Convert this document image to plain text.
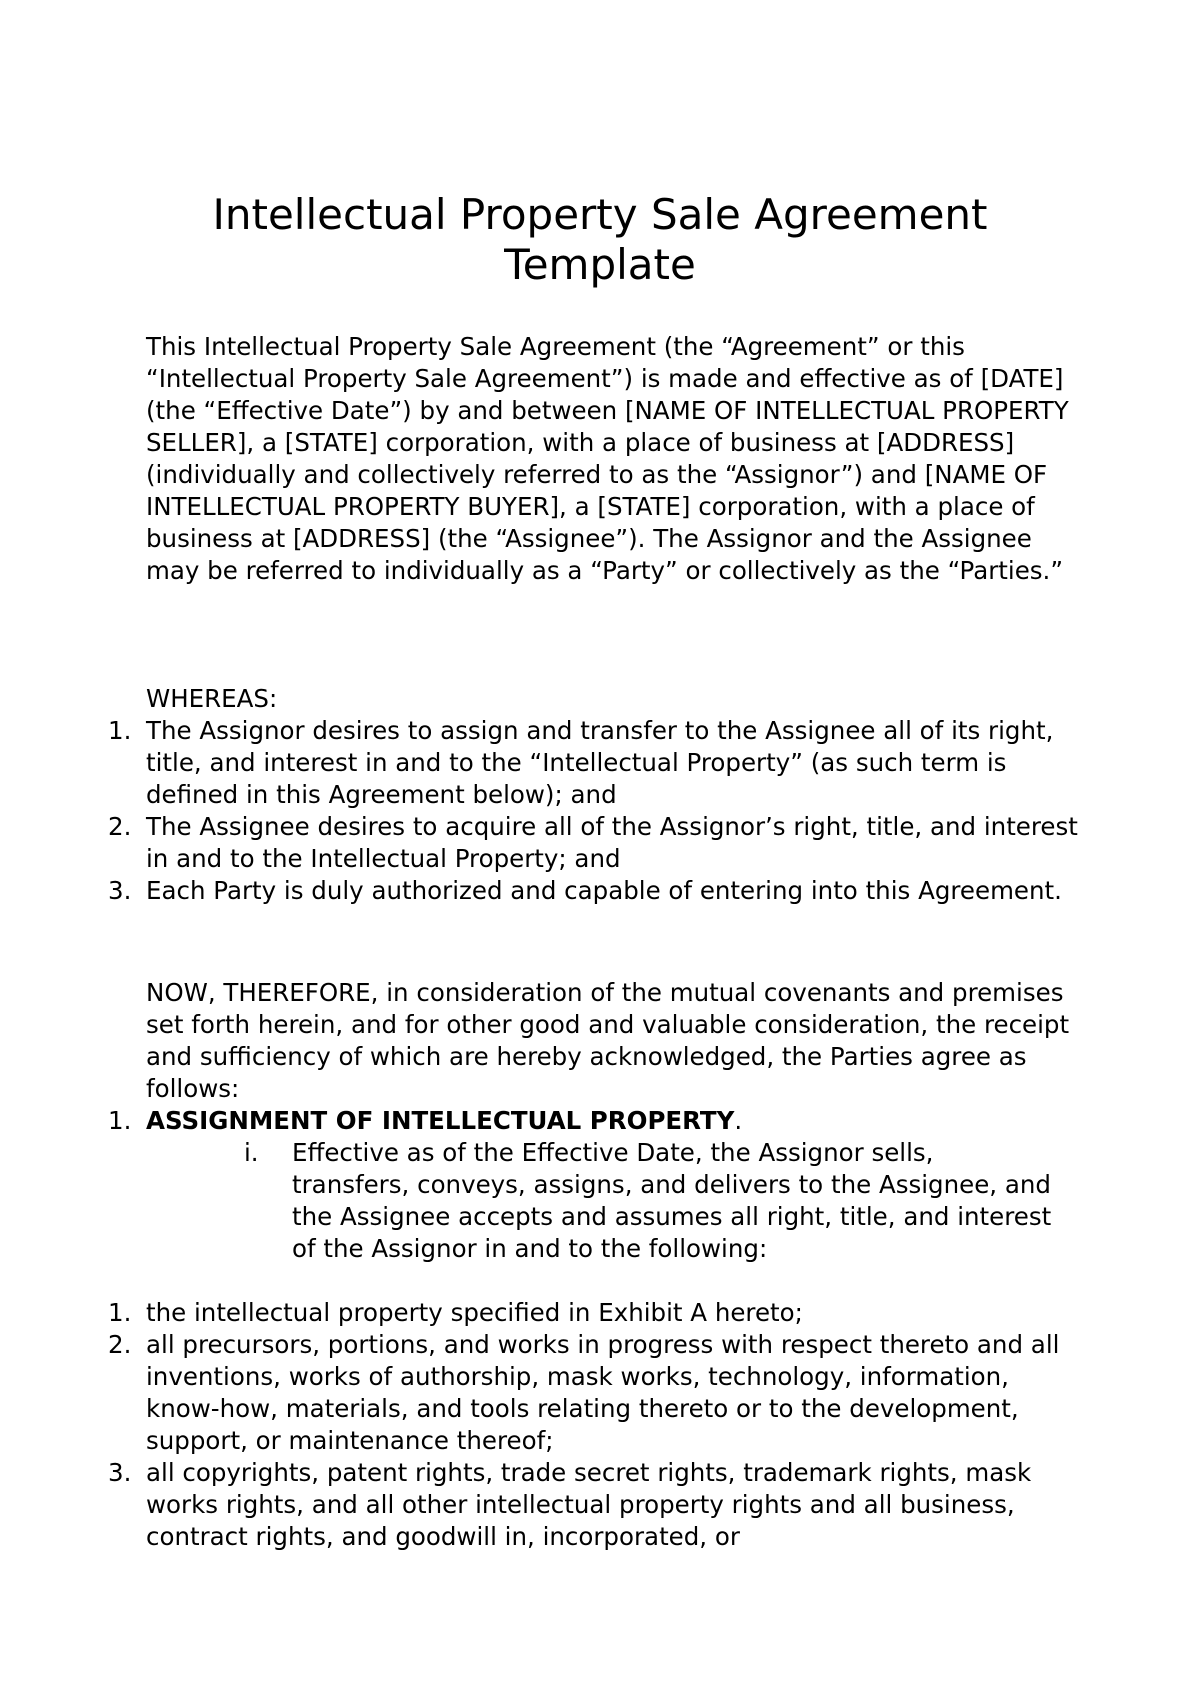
Intellectual Property Sale Agreement
Template

This Intellectual Property Sale Agreement (the “Agreement” or this “Intellectual Property Sale Agreement”) is made and effective as of [DATE] (the “Effective Date”) by and between [NAME OF INTELLECTUAL PROPERTY SELLER], a [STATE] corporation, with a place of business at [ADDRESS] (individually and collectively referred to as the “Assignor”) and [NAME OF INTELLECTUAL PROPERTY BUYER], a [STATE] corporation, with a place of business at [ADDRESS] (the “Assignee”). The Assignor and the Assignee may be referred to individually as a “Party” or collectively as the “Parties.”

WHEREAS:

1. The Assignor desires to assign and transfer to the Assignee all of its right, title, and interest in and to the “Intellectual Property” (as such term is defined in this Agreement below); and
2. The Assignee desires to acquire all of the Assignor’s right, title, and interest in and to the Intellectual Property; and
3. Each Party is duly authorized and capable of entering into this Agreement.

NOW, THEREFORE, in consideration of the mutual covenants and premises set forth herein, and for other good and valuable consideration, the receipt and sufficiency of which are hereby acknowledged, the Parties agree as follows:

1. ASSIGNMENT OF INTELLECTUAL PROPERTY.
i. Effective as of the Effective Date, the Assignor sells, transfers, conveys, assigns, and delivers to the Assignee, and the Assignee accepts and assumes all right, title, and interest of the Assignor in and to the following:
1. the intellectual property specified in Exhibit A hereto;
2. all precursors, portions, and works in progress with respect thereto and all inventions, works of authorship, mask works, technology, information, know-how, materials, and tools relating thereto or to the development, support, or maintenance thereof;
3. all copyrights, patent rights, trade secret rights, trademark rights, mask works rights, and all other intellectual property rights and all business, contract rights, and goodwill in, incorporated, or
